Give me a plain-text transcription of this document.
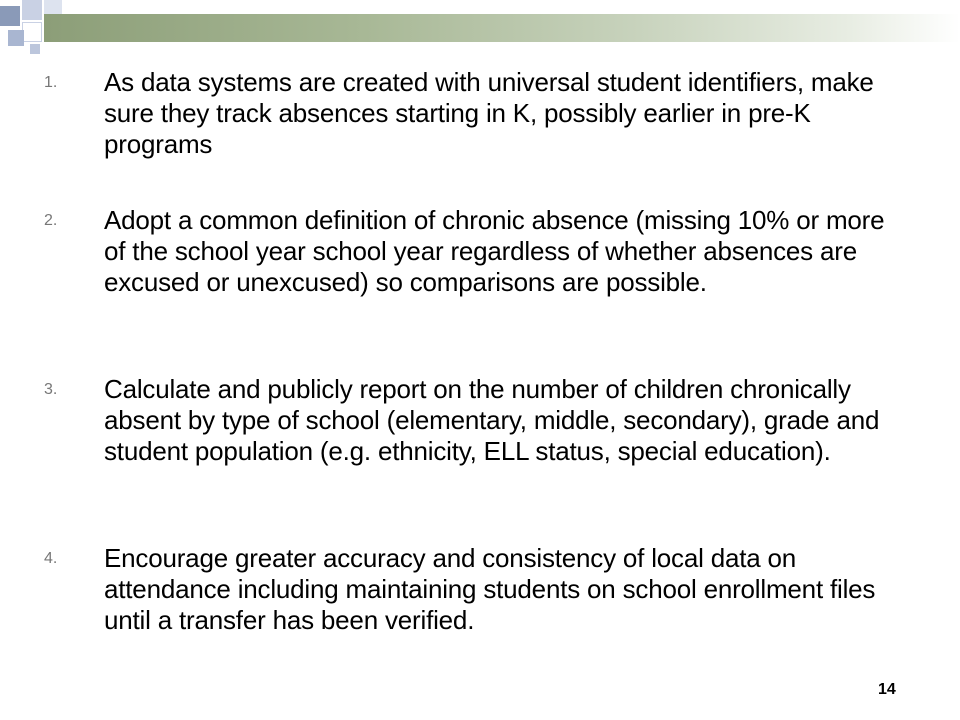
1. As data systems are created with universal student identifiers, make sure they track absences starting in K, possibly earlier in pre-K programs
2. Adopt a common definition of chronic absence (missing 10% or more of the school year school year regardless of whether absences are excused or unexcused) so comparisons are possible.
3. Calculate and publicly report on the number of children chronically absent by type of school (elementary, middle, secondary), grade and student population (e.g. ethnicity, ELL status, special education).
4. Encourage greater accuracy and consistency of local data on attendance including maintaining students on school enrollment files until a transfer has been verified.
14
